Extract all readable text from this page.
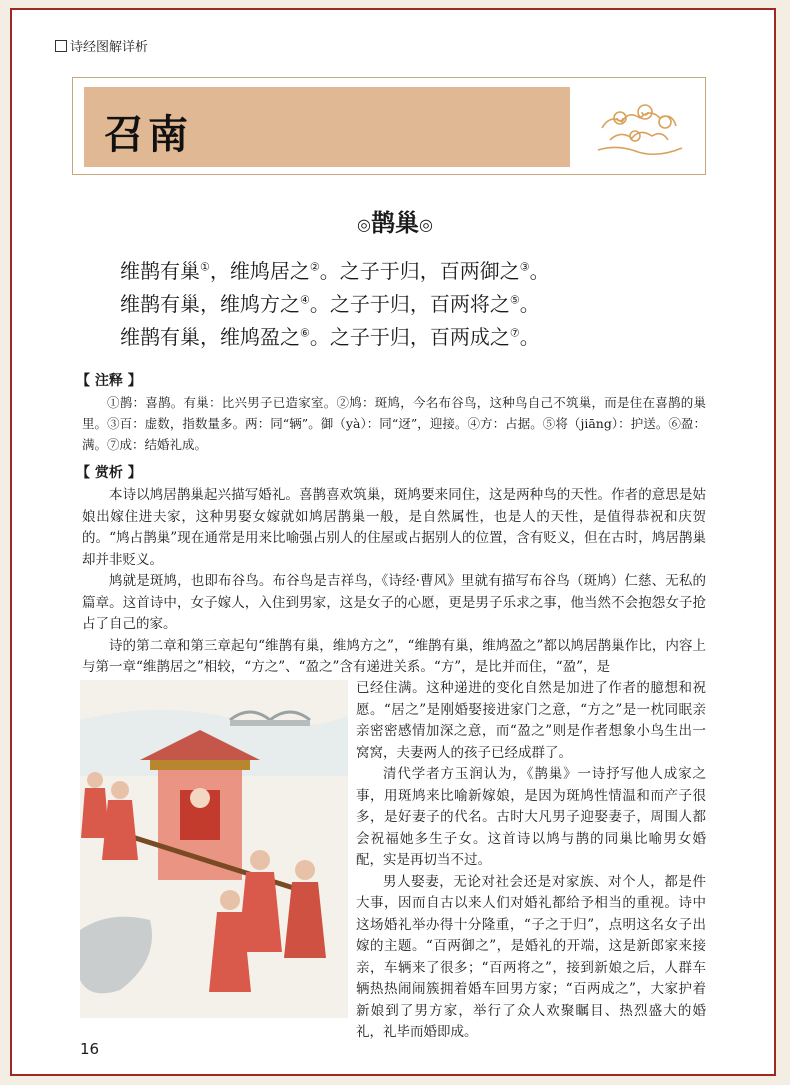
诗经图解详析
召南
◎鹊巢◎
维鹊有巢①，维鸠居之②。之子于归，百两御之③。
维鹊有巢，维鸠方之④。之子于归，百两将之⑤。
维鹊有巢，维鸠盈之⑥。之子于归，百两成之⑦。
【 注释 】

①鹊：喜鹊。有巢：比兴男子已造家室。②鸠：斑鸠，今名布谷鸟，这种鸟自己不筑巢，而是住在喜鹊的巢里。③百：虚数，指数量多。两：同“辆”。御（yà）：同“迓”，迎接。④方：占据。⑤将（jiāng）：护送。⑥盈：满。⑦成：结婚礼成。

【 赏析 】

本诗以鸠居鹊巢起兴描写婚礼。喜鹊喜欢筑巢，斑鸠要来同住，这是两种鸟的天性。作者的意思是姑娘出嫁住进夫家，这种男娶女嫁就如鸠居鹊巢一般，是自然属性，也是人的天性，是值得恭祝和庆贺的。“鸠占鹊巢”现在通常是用来比喻强占别人的住屋或占据别人的位置，含有贬义，但在古时，鸠居鹊巢却并非贬义。

鸠就是斑鸠，也即布谷鸟。布谷鸟是吉祥鸟，《诗经·曹风》里就有描写布谷鸟（斑鸠）仁慈、无私的篇章。这首诗中，女子嫁人，入住到男家，这是女子的心愿，更是男子乐求之事，他当然不会抱怨女子抢占了自己的家。

诗的第二章和第三章起句“维鹊有巢，维鸠方之”，“维鹊有巢，维鸠盈之”都以鸠居鹊巢作比，内容上与第一章“维鹊居之”相较，“方之”、“盈之”含有递进关系。“方”，是比并而住，“盈”，是

已经住满。这种递进的变化自然是加进了作者的臆想和祝愿。“居之”是刚婚娶接进家门之意，“方之”是一枕同眠亲亲密密感情加深之意，而“盈之”则是作者想象小鸟生出一窝窝，夫妻两人的孩子已经成群了。

清代学者方玉润认为，《鹊巢》一诗抒写他人成家之事，用斑鸠来比喻新嫁娘，是因为斑鸠性情温和而产子很多，是好妻子的代名。古时大凡男子迎娶妻子，周围人都会祝福她多生子女。这首诗以鸠与鹊的同巢比喻男女婚配，实是再切当不过。

男人娶妻，无论对社会还是对家族、对个人，都是件大事，因而自古以来人们对婚礼都给予相当的重视。诗中这场婚礼举办得十分隆重，“子之于归”，点明这名女子出嫁的主题。“百两御之”，是婚礼的开端，这是新郎家来接亲，车辆来了很多；“百两将之”，接到新娘之后，人群车辆热热闹闹簇拥着婚车回男方家；“百两成之”，大家护着新娘到了男方家，举行了众人欢聚瞩目、热烈盛大的婚礼，礼毕而婚即成。

16
